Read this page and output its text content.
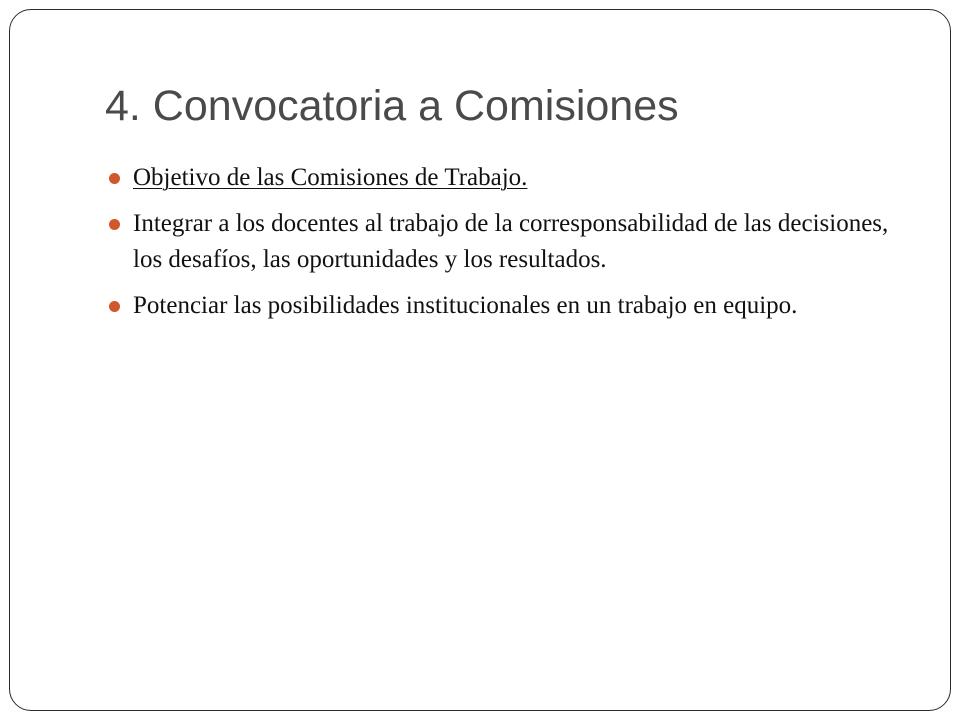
4. Convocatoria a Comisiones
Objetivo de las Comisiones de Trabajo.
Integrar a los docentes al trabajo de la corresponsabilidad de las decisiones, los desafíos, las oportunidades y los resultados.
Potenciar las posibilidades institucionales en un trabajo en equipo.
